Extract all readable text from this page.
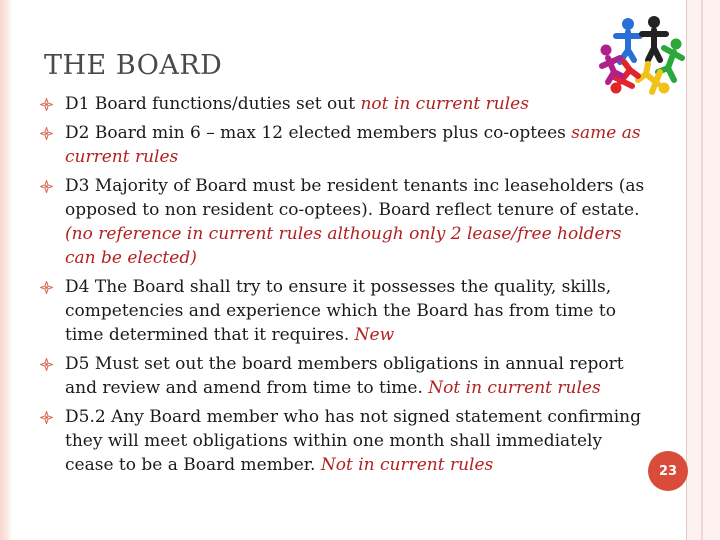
THE BOARD
D1 Board functions/duties set out not in current rules
D2 Board min 6 – max 12 elected members plus co-optees same as current rules
D3 Majority of Board must be resident tenants inc leaseholders (as opposed to non resident co-optees). Board reflect tenure of estate. (no reference in current rules although only 2 lease/free holders can be elected)
D4 The Board shall try to ensure it possesses the quality, skills, competencies and experience which the Board has from time to time determined that it requires. New
D5 Must set out the board members obligations in annual report and review and amend from time to time. Not in current rules
D5.2 Any Board member who has not signed statement confirming they will meet obligations within one month shall immediately cease to be a Board member. Not in current rules	23
